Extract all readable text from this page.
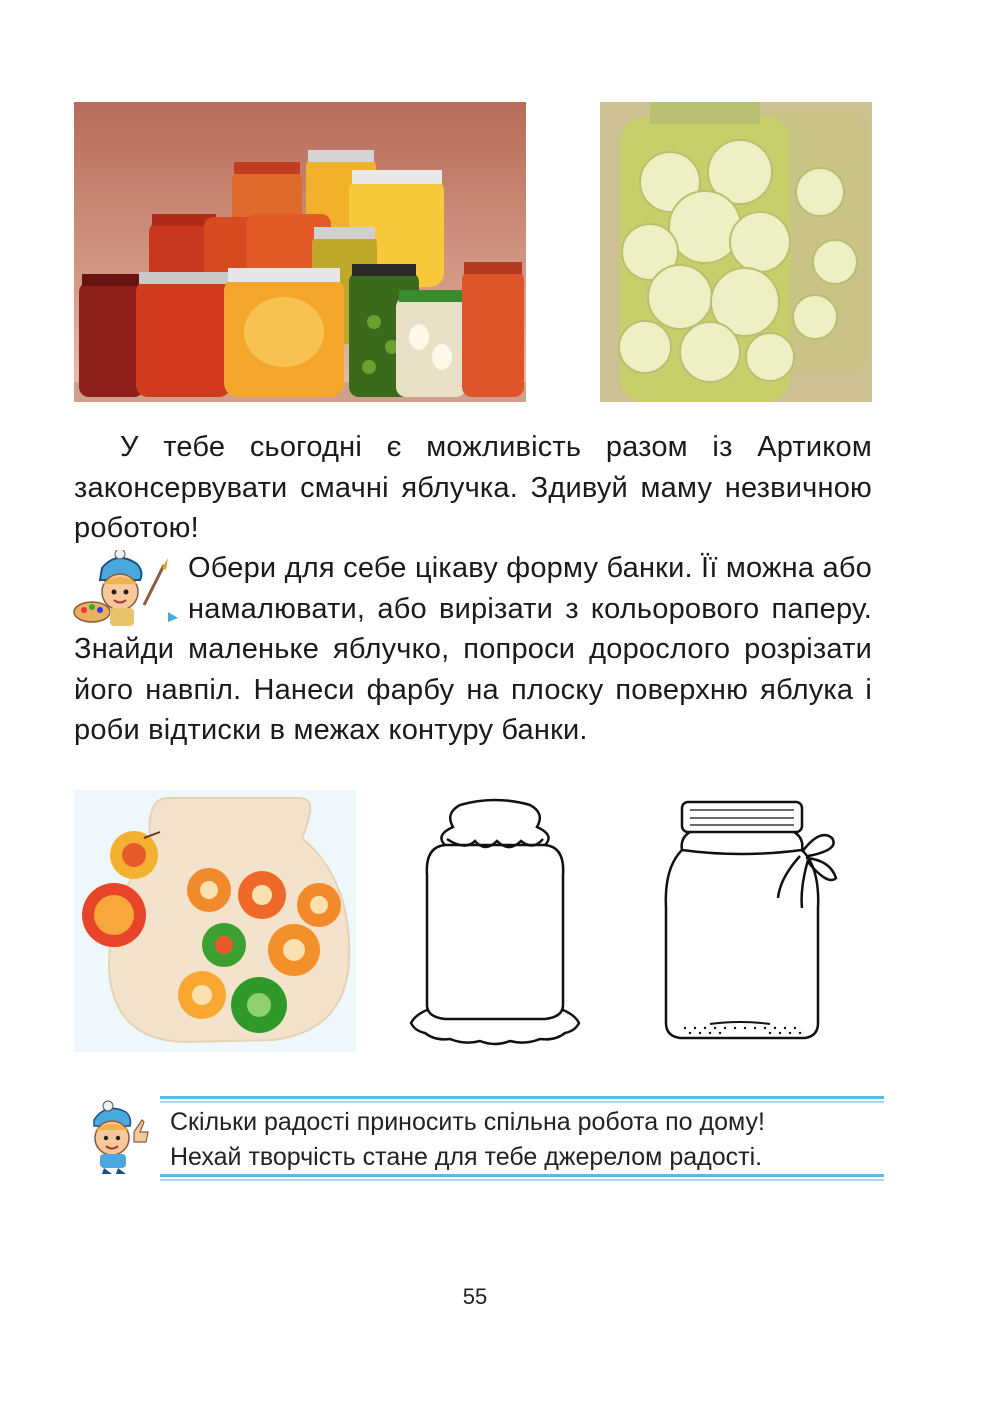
У тебе сьогодні є можливість разом із Артиком законсервувати смачні яблучка. Здивуй маму незвичною роботою!
Обери для себе цікаву форму банки. Її можна або намалювати, або вирізати з кольорового паперу. Знайди маленьке яблучко, попроси дорослого розрізати його навпіл. Нанеси фарбу на плоску поверхню яблука і роби відтиски в межах контуру банки.
Скільки радості приносить спільна робота по дому!
Нехай творчість стане для тебе джерелом радості.
55
